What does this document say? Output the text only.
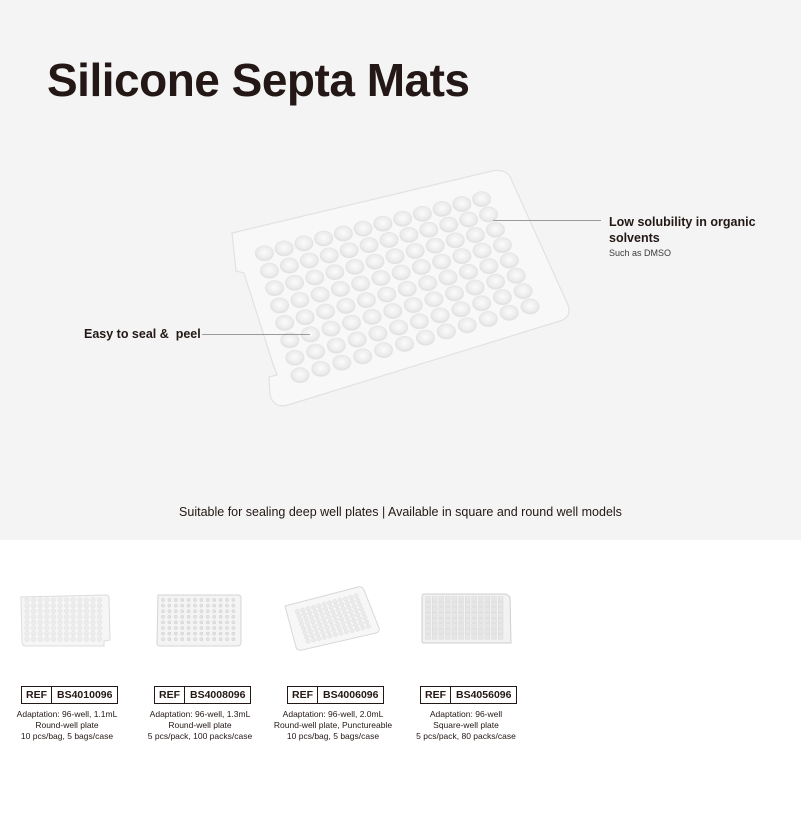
Silicone Septa Mats
Low solubility in organic solvents
Such as DMSO
Easy to seal &  peel
Suitable for sealing deep well plates | Available in square and round well models
REF BS4010096
Adaptation: 96-well, 1.1mL
Round-well plate
10 pcs/bag, 5 bags/case
REF BS4008096
Adaptation: 96-well, 1.3mL
Round-well plate
5 pcs/pack, 100 packs/case
REF BS4006096
Adaptation: 96-well, 2.0mL
Round-well plate, Punctureable
10 pcs/bag, 5 bags/case
REF BS4056096
Adaptation: 96-well
Square-well plate
5 pcs/pack, 80 packs/case
